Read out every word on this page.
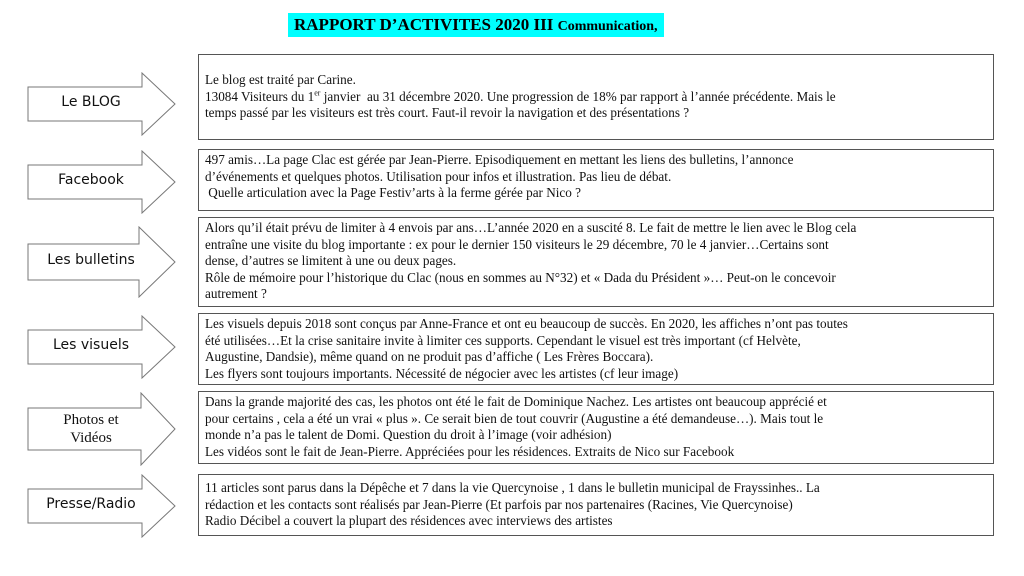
RAPPORT D’ACTIVITES 2020 III Communication,
Le BLOG

Le blog est traité par Carine.

13084 Visiteurs du 1er janvier  au 31 décembre 2020. Une progression de 18% par rapport à l’année précédente. Mais le

temps passé par les visiteurs est très court. Faut-il revoir la navigation et des présentations ?

Facebook

497 amis…La page Clac est gérée par Jean-Pierre. Episodiquement en mettant les liens des bulletins, l’annonce

d’événements et quelques photos. Utilisation pour infos et illustration. Pas lieu de débat.

Quelle articulation avec la Page Festiv’arts à la ferme gérée par Nico ?

Les bulletins

Alors qu’il était prévu de limiter à 4 envois par ans…L’année 2020 en a suscité 8. Le fait de mettre le lien avec le Blog cela

entraîne une visite du blog importante : ex pour le dernier 150 visiteurs le 29 décembre, 70 le 4 janvier…Certains sont

dense, d’autres se limitent à une ou deux pages.

Rôle de mémoire pour l’historique du Clac (nous en sommes au N°32) et « Dada du Président »… Peut-on le concevoir

autrement ?

Les visuels

Les visuels depuis 2018 sont conçus par Anne-France et ont eu beaucoup de succès. En 2020, les affiches n’ont pas toutes

été utilisées…Et la crise sanitaire invite à limiter ces supports. Cependant le visuel est très important (cf Helvète,

Augustine, Dandsie), même quand on ne produit pas d’affiche ( Les Frères Boccara).

Les flyers sont toujours importants. Nécessité de négocier avec les artistes (cf leur image)

Photos et
Vidéos

Dans la grande majorité des cas, les photos ont été le fait de Dominique Nachez. Les artistes ont beaucoup apprécié et

pour certains , cela a été un vrai « plus ». Ce serait bien de tout couvrir (Augustine a été demandeuse…). Mais tout le

monde n’a pas le talent de Domi. Question du droit à l’image (voir adhésion)

Les vidéos sont le fait de Jean-Pierre. Appréciées pour les résidences. Extraits de Nico sur Facebook

Presse/Radio

11 articles sont parus dans la Dépêche et 7 dans la vie Quercynoise , 1 dans le bulletin municipal de Frayssinhes.. La

rédaction et les contacts sont réalisés par Jean-Pierre (Et parfois par nos partenaires (Racines, Vie Quercynoise)

Radio Décibel a couvert la plupart des résidences avec interviews des artistes
